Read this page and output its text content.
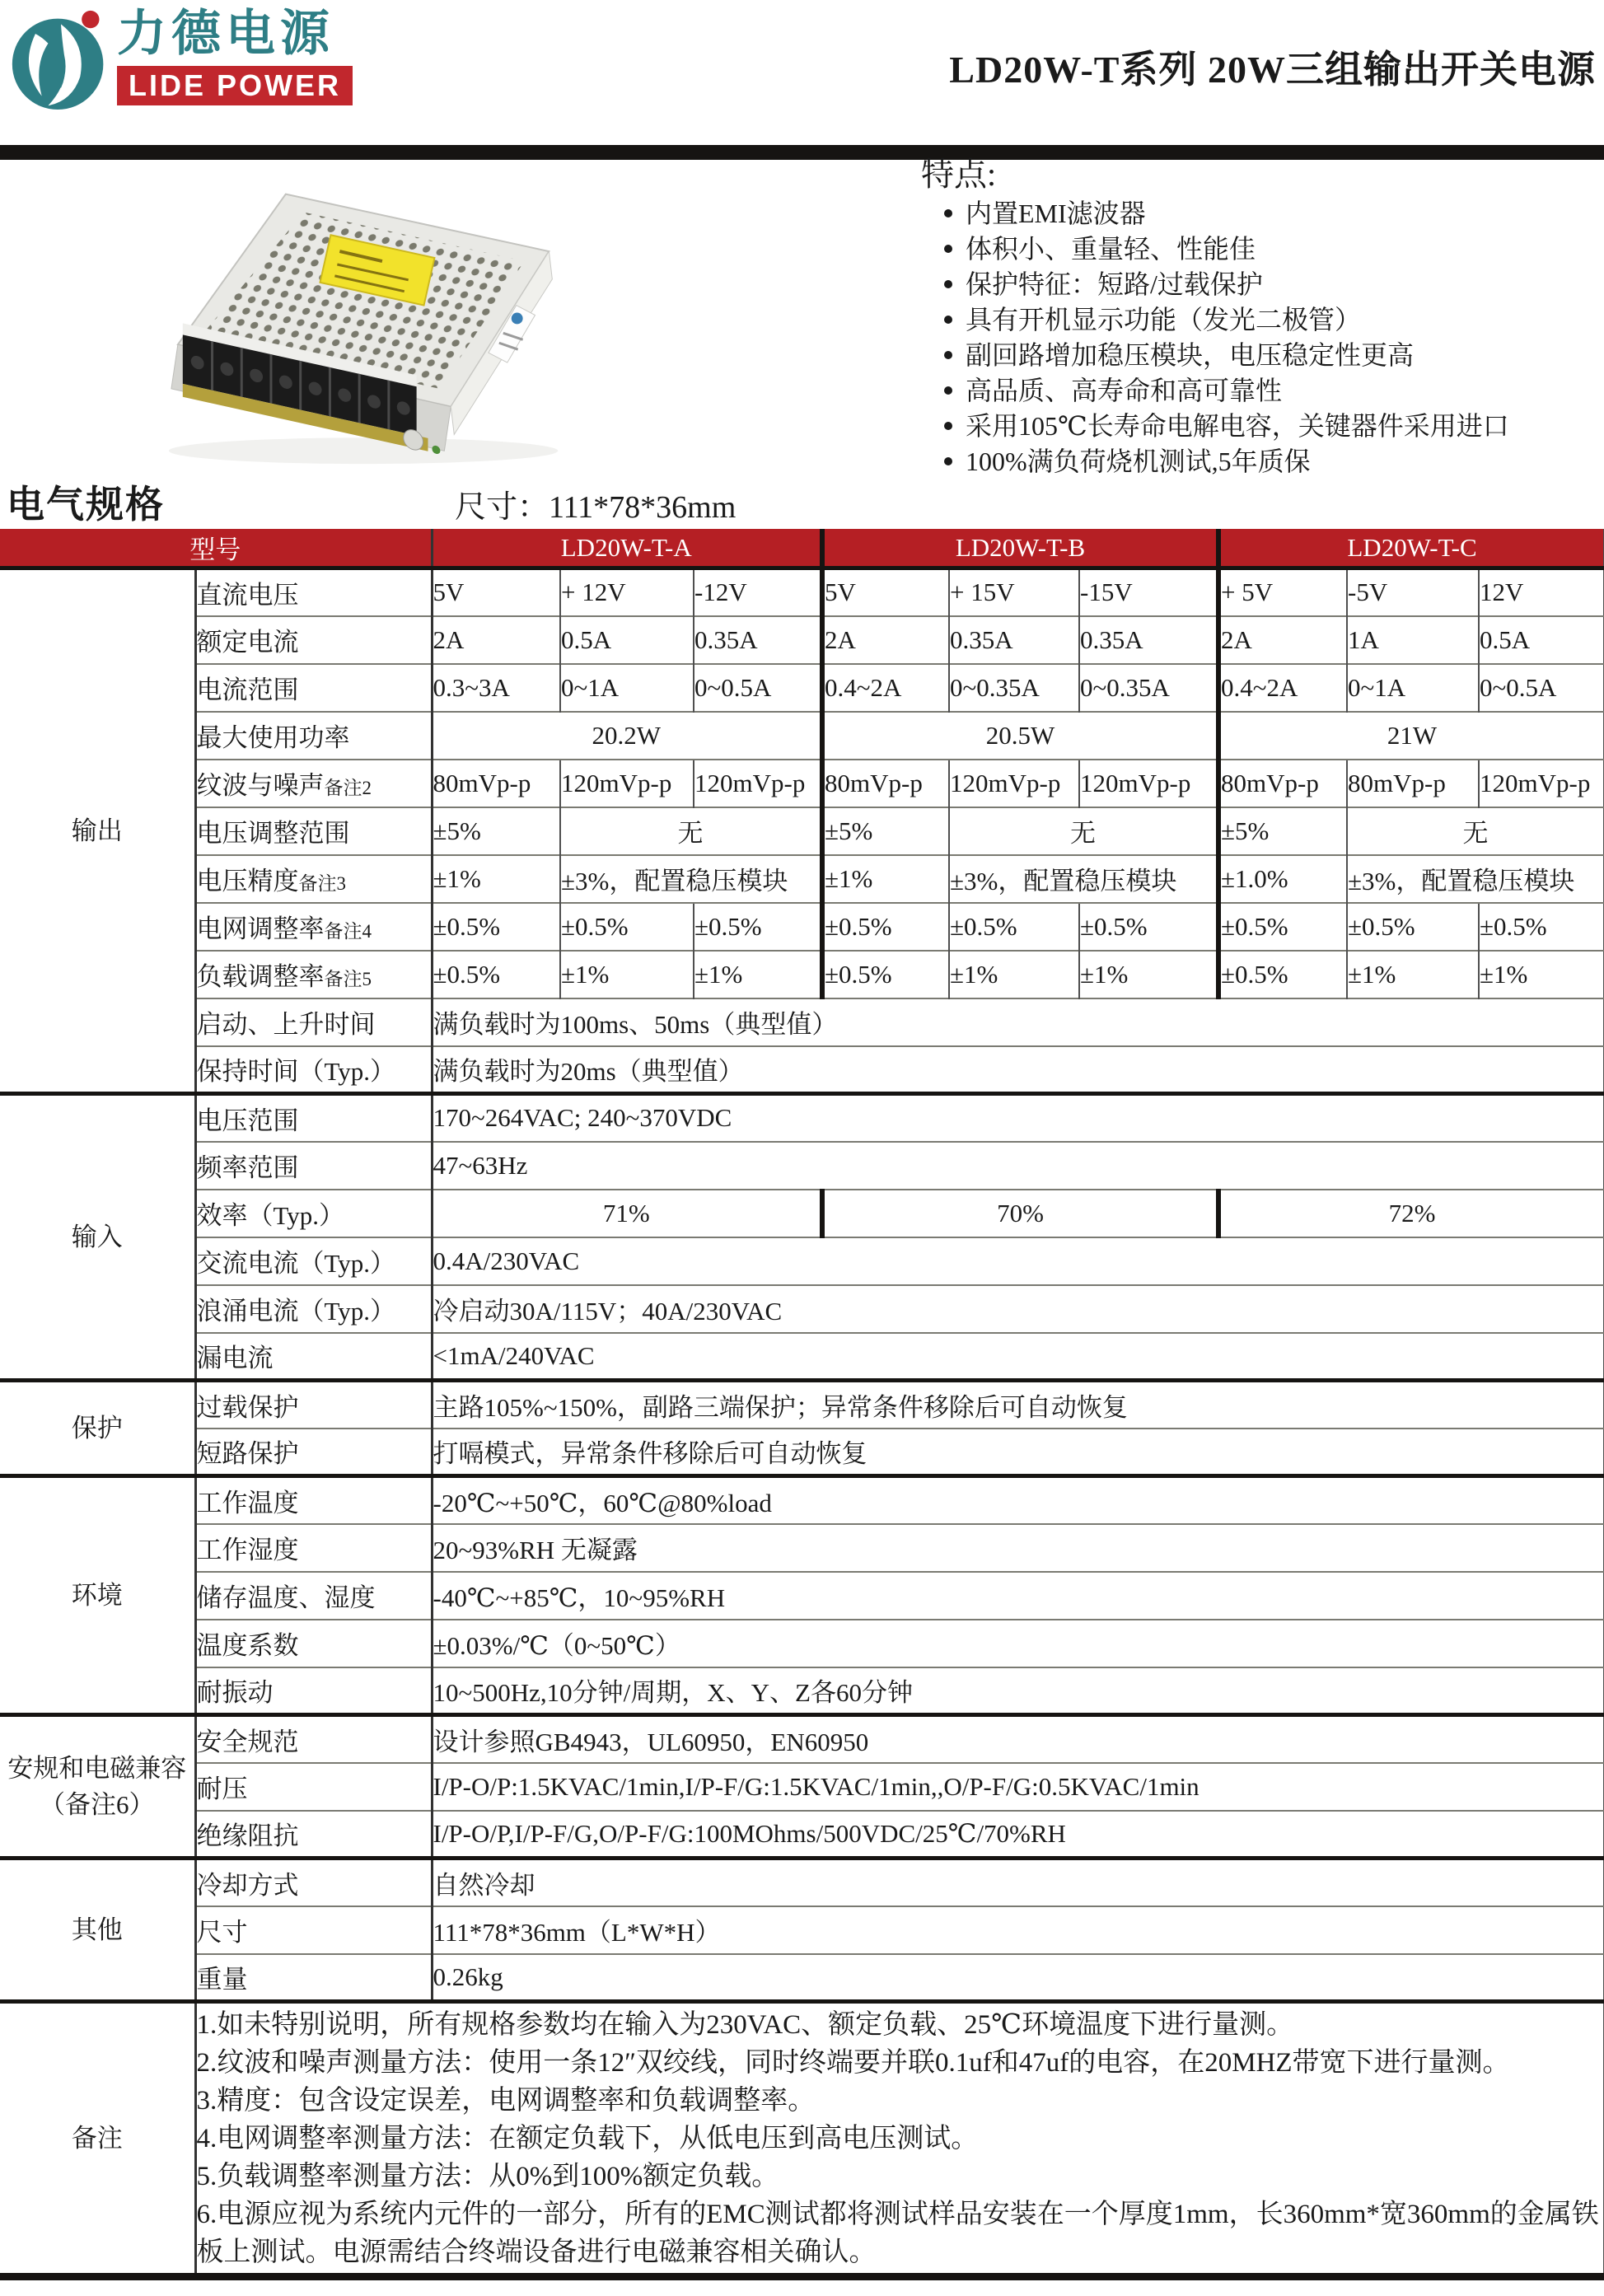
力德电源
LIDE POWER	LD20W-T系列 20W三组输出开关电源
特点:
内置EMI滤波器
体积小、重量轻、性能佳
保护特征：短路/过载保护
具有开机显示功能（发光二极管）
副回路增加稳压模块，电压稳定性更高
高品质、高寿命和高可靠性
采用105℃长寿命电解电容，关键器件采用进口
100%满负荷烧机测试,5年质保
电气规格	尺寸：111*78*36mm
型号		LD20W-T-A			LD20W-T-B			LD20W-T-C		
输出	直流电压	5V	+ 12V	-12V	5V	+ 15V	-15V	+ 5V	-5V	12V
	额定电流	2A	0.5A	0.35A	2A	0.35A	0.35A	2A	1A	0.5A
	电流范围	0.3~3A	0~1A	0~0.5A	0.4~2A	0~0.35A	0~0.35A	0.4~2A	0~1A	0~0.5A
	最大使用功率	20.2W			20.5W			21W		
	纹波与噪声备注2	80mVp-p	120mVp-p	120mVp-p	80mVp-p	120mVp-p	120mVp-p	80mVp-p	80mVp-p	120mVp-p
	电压调整范围	±5%	无		±5%	无		±5%	无	
	电压精度备注3	±1%	±3%，配置稳压模块		±1%	±3%，配置稳压模块		±1.0%	±3%，配置稳压模块	
	电网调整率备注4	±0.5%	±0.5%	±0.5%	±0.5%	±0.5%	±0.5%	±0.5%	±0.5%	±0.5%
	负载调整率备注5	±0.5%	±1%	±1%	±0.5%	±1%	±1%	±0.5%	±1%	±1%
	启动、上升时间	满负载时为100ms、50ms（典型值）								
	保持时间（Typ.）	满负载时为20ms（典型值）								
输入	电压范围	170~264VAC; 240~370VDC								
	频率范围	47~63Hz								
	效率（Typ.）	71%			70%			72%		
	交流电流（Typ.）	0.4A/230VAC								
	浪涌电流（Typ.）	冷启动30A/115V；40A/230VAC								
	漏电流	<1mA/240VAC								
保护	过载保护	主路105%~150%，副路三端保护；异常条件移除后可自动恢复								
	短路保护	打嗝模式，异常条件移除后可自动恢复								
环境	工作温度	-20℃~+50℃，60℃@80%load								
	工作湿度	20~93%RH 无凝露								
	储存温度、湿度	-40℃~+85℃，10~95%RH								
	温度系数	±0.03%/℃（0~50℃）								
	耐振动	10~500Hz,10分钟/周期，X、Y、Z各60分钟								
安规和电磁兼容（备注6）	安全规范	设计参照GB4943，UL60950，EN60950								
	耐压	I/P-O/P:1.5KVAC/1min,I/P-F/G:1.5KVAC/1min,,O/P-F/G:0.5KVAC/1min								
	绝缘阻抗	I/P-O/P,I/P-F/G,O/P-F/G:100MOhms/500VDC/25℃/70%RH								
其他	冷却方式	自然冷却								
	尺寸	111*78*36mm（L*W*H）								
	重量	0.26kg								
备注	
1.如未特别说明，所有规格参数均在输入为230VAC、额定负载、25℃环境温度下进行量测。
2.纹波和噪声测量方法：使用一条12″双绞线，同时终端要并联0.1uf和47uf的电容，在20MHZ带宽下进行量测。
3.精度：包含设定误差，电网调整率和负载调整率。
4.电网调整率测量方法：在额定负载下，从低电压到高电压测试。
5.负载调整率测量方法：从0%到100%额定负载。
6.电源应视为系统内元件的一部分，所有的EMC测试都将测试样品安装在一个厚度1mm，长360mm*宽360mm的金属铁板上测试。电源需结合终端设备进行电磁兼容相关确认。
